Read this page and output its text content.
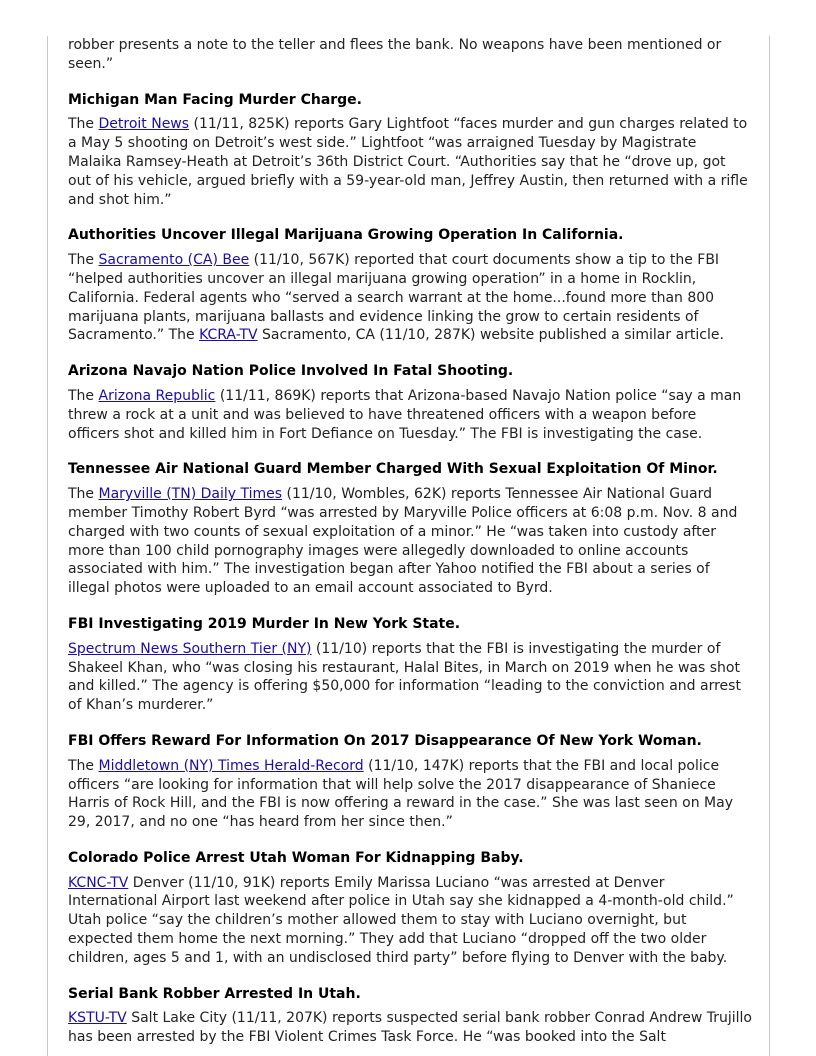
robber presents a note to the teller and flees the bank. No weapons have been mentioned or seen.”

Michigan Man Facing Murder Charge.

The Detroit News (11/11, 825K) reports Gary Lightfoot “faces murder and gun charges related to a May 5 shooting on Detroit’s west side.” Lightfoot “was arraigned Tuesday by Magistrate Malaika Ramsey-Heath at Detroit’s 36th District Court. “Authorities say that he “drove up, got out of his vehicle, argued briefly with a 59-year-old man, Jeffrey Austin, then returned with a rifle and shot him.”

Authorities Uncover Illegal Marijuana Growing Operation In California.

The Sacramento (CA) Bee (11/10, 567K) reported that court documents show a tip to the FBI “helped authorities uncover an illegal marijuana growing operation” in a home in Rocklin, California. Federal agents who “served a search warrant at the home...found more than 800 marijuana plants, marijuana ballasts and evidence linking the grow to certain residents of Sacramento.” The KCRA-TV Sacramento, CA (11/10, 287K) website published a similar article.

Arizona Navajo Nation Police Involved In Fatal Shooting.

The Arizona Republic (11/11, 869K) reports that Arizona-based Navajo Nation police “say a man threw a rock at a unit and was believed to have threatened officers with a weapon before officers shot and killed him in Fort Defiance on Tuesday.” The FBI is investigating the case.

Tennessee Air National Guard Member Charged With Sexual Exploitation Of Minor.

The Maryville (TN) Daily Times (11/10, Wombles, 62K) reports Tennessee Air National Guard member Timothy Robert Byrd “was arrested by Maryville Police officers at 6:08 p.m. Nov. 8 and charged with two counts of sexual exploitation of a minor.” He “was taken into custody after more than 100 child pornography images were allegedly downloaded to online accounts associated with him.” The investigation began after Yahoo notified the FBI about a series of illegal photos were uploaded to an email account associated to Byrd.

FBI Investigating 2019 Murder In New York State.

Spectrum News Southern Tier (NY) (11/10) reports that the FBI is investigating the murder of Shakeel Khan, who “was closing his restaurant, Halal Bites, in March on 2019 when he was shot and killed.” The agency is offering $50,000 for information “leading to the conviction and arrest of Khan’s murderer.”

FBI Offers Reward For Information On 2017 Disappearance Of New York Woman.

The Middletown (NY) Times Herald-Record (11/10, 147K) reports that the FBI and local police officers “are looking for information that will help solve the 2017 disappearance of Shaniece Harris of Rock Hill, and the FBI is now offering a reward in the case.” She was last seen on May 29, 2017, and no one “has heard from her since then.”

Colorado Police Arrest Utah Woman For Kidnapping Baby.

KCNC-TV Denver (11/10, 91K) reports Emily Marissa Luciano “was arrested at Denver International Airport last weekend after police in Utah say she kidnapped a 4-month-old child.” Utah police “say the children’s mother allowed them to stay with Luciano overnight, but expected them home the next morning.” They add that Luciano “dropped off the two older children, ages 5 and 1, with an undisclosed third party” before flying to Denver with the baby.

Serial Bank Robber Arrested In Utah.

KSTU-TV Salt Lake City (11/11, 207K) reports suspected serial bank robber Conrad Andrew Trujillo has been arrested by the FBI Violent Crimes Task Force. He “was booked into the Salt
